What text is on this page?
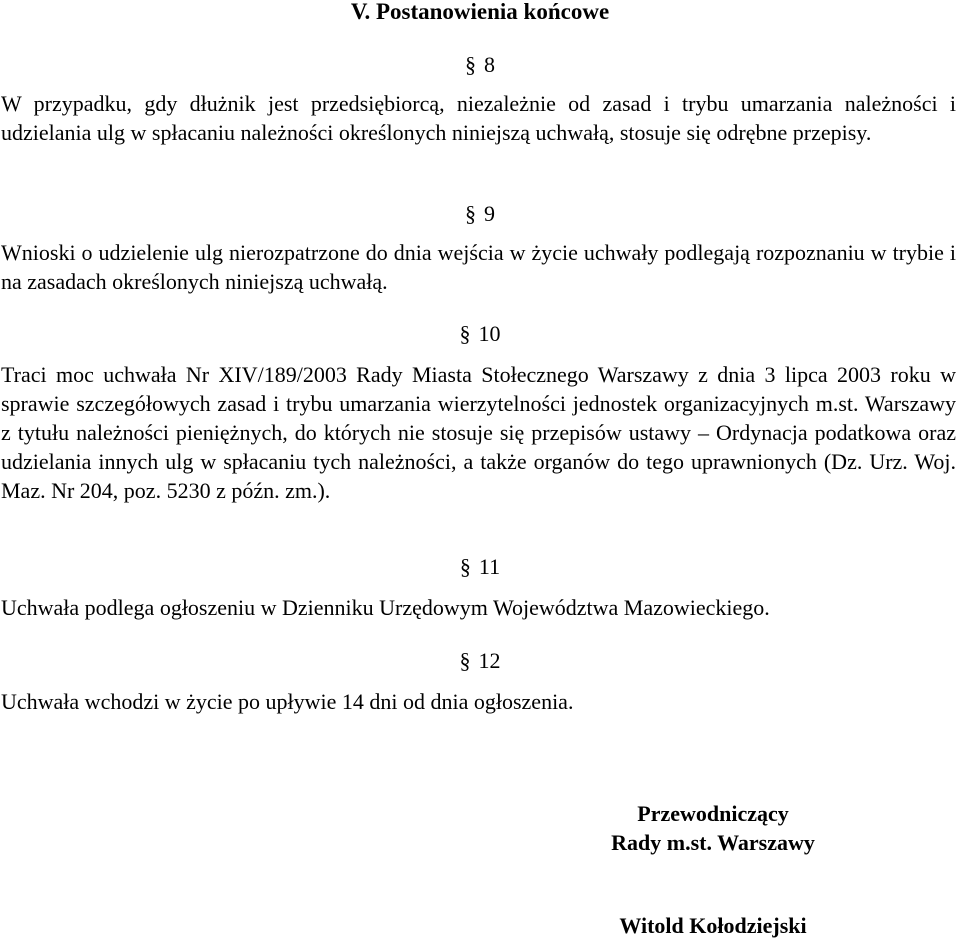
V. Postanowienia końcowe
§ 8

W przypadku, gdy dłużnik jest przedsiębiorcą, niezależnie od zasad i trybu umarzania należności i udzielania ulg w spłacaniu należności określonych niniejszą uchwałą, stosuje się odrębne przepisy.

§ 9

Wnioski o udzielenie ulg nierozpatrzone do dnia wejścia w życie uchwały podlegają rozpoznaniu w trybie i na zasadach określonych niniejszą uchwałą.

§ 10

Traci moc uchwała Nr XIV/189/2003 Rady Miasta Stołecznego Warszawy z dnia 3 lipca 2003 roku w sprawie szczegółowych zasad i trybu umarzania wierzytelności jednostek organizacyjnych m.st. Warszawy z tytułu należności pieniężnych, do których nie stosuje się przepisów ustawy – Ordynacja podatkowa oraz udzielania innych ulg w spłacaniu tych należności, a także organów do tego uprawnionych (Dz. Urz. Woj. Maz. Nr 204, poz. 5230 z późn. zm.).

§ 11

Uchwała podlega ogłoszeniu w Dzienniku Urzędowym Województwa Mazowieckiego.

§ 12

Uchwała wchodzi w życie po upływie 14 dni od dnia ogłoszenia.

Przewodniczący
Rady m.st. Warszawy
Witold Kołodziejski
